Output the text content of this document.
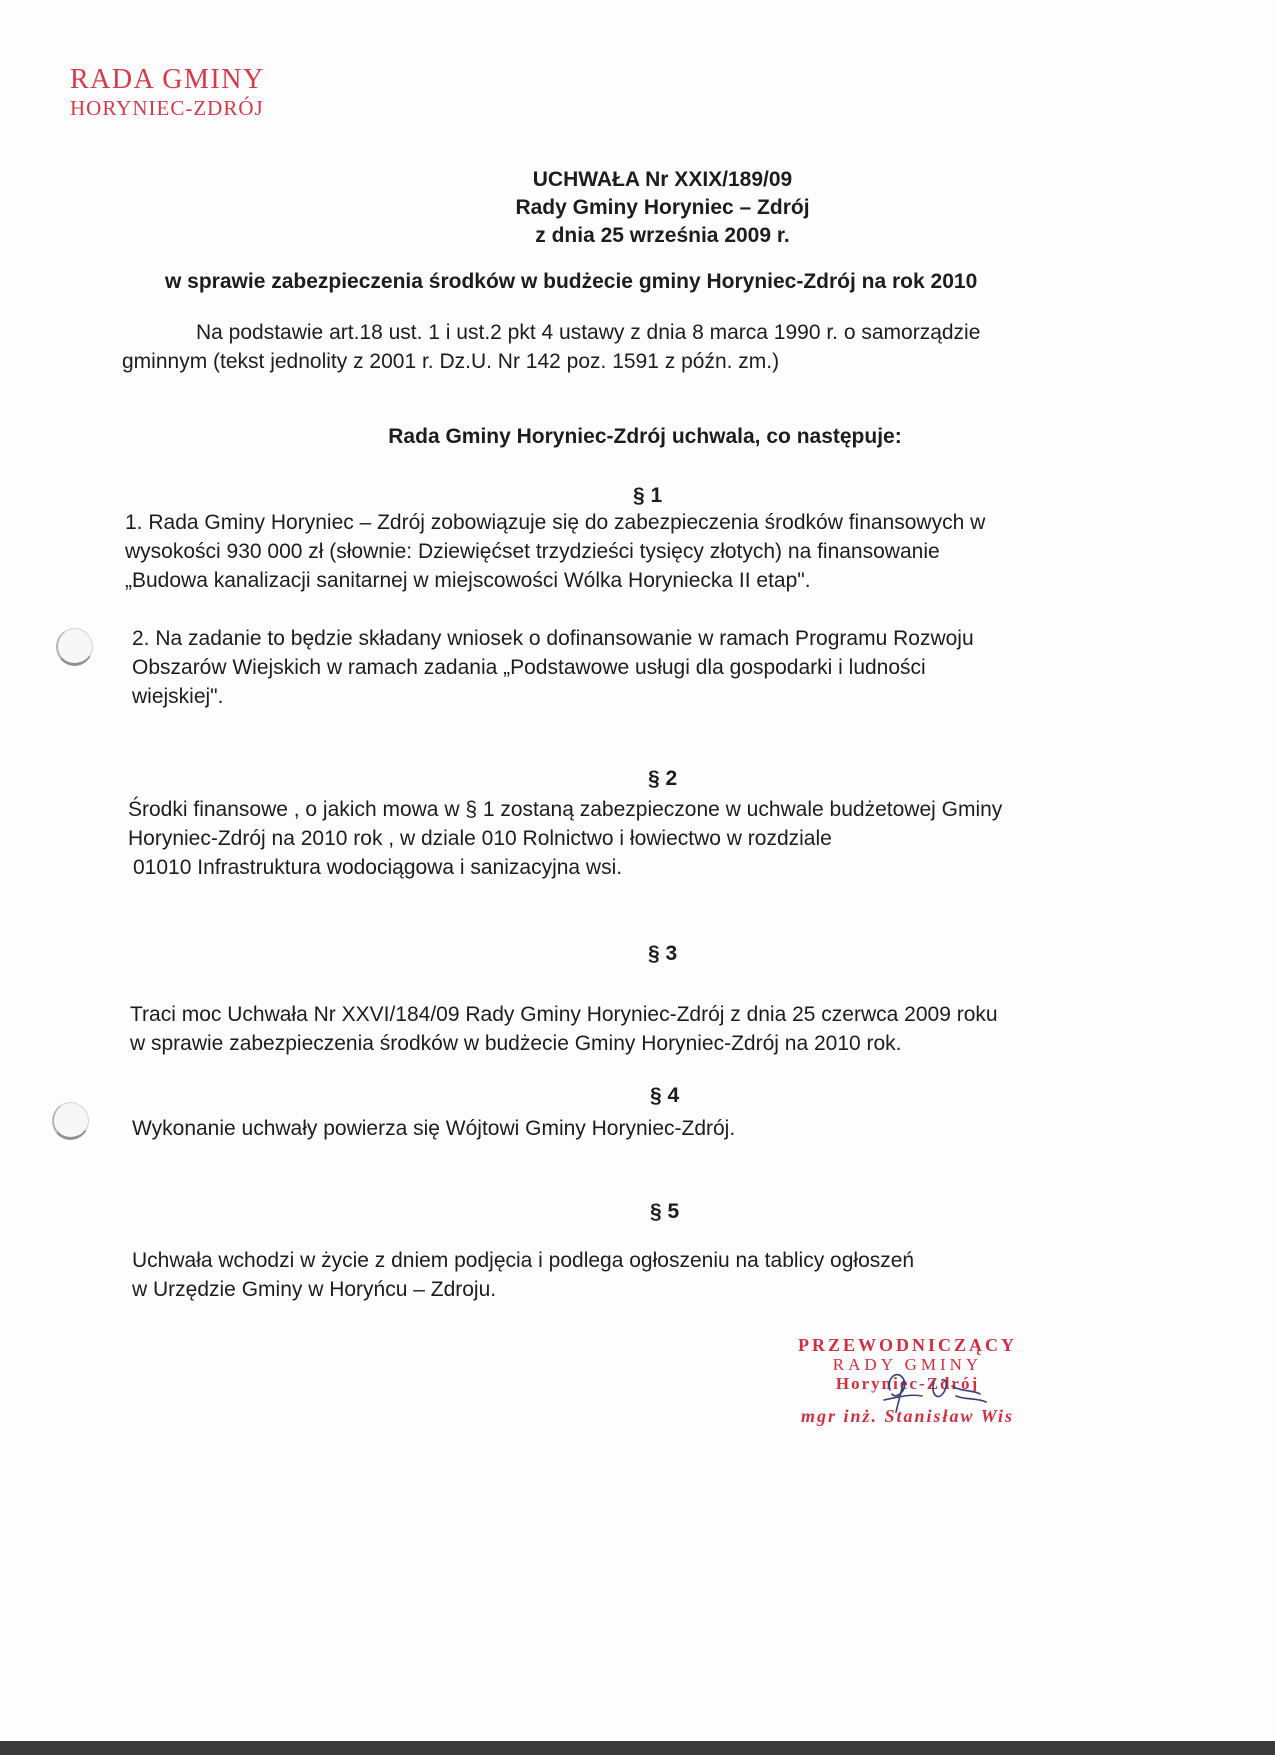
RADA GMINY
HORYNIEC-ZDRÓJ
UCHWAŁA Nr XXIX/189/09
Rady Gminy Horyniec – Zdrój
z dnia 25 września 2009 r.
w sprawie zabezpieczenia środków w budżecie gminy Horyniec-Zdrój na rok 2010
Na podstawie art.18 ust. 1 i ust.2 pkt 4 ustawy z dnia 8 marca 1990 r. o samorządzie
gminnym (tekst jednolity z 2001 r. Dz.U. Nr 142 poz. 1591 z późn. zm.)
Rada Gminy Horyniec-Zdrój uchwala, co następuje:
§ 1
1. Rada Gminy Horyniec – Zdrój zobowiązuje się do zabezpieczenia środków finansowych w
wysokości 930 000 zł (słownie: Dziewięćset trzydzieści tysięcy złotych) na finansowanie
„Budowa kanalizacji sanitarnej w miejscowości Wólka Horyniecka II etap".
2. Na zadanie to będzie składany wniosek o dofinansowanie w ramach Programu Rozwoju
Obszarów Wiejskich w ramach zadania „Podstawowe usługi dla gospodarki i ludności
wiejskiej".
§ 2
Środki finansowe , o jakich mowa w § 1 zostaną zabezpieczone w uchwale budżetowej Gminy
Horyniec-Zdrój na 2010 rok , w dziale 010 Rolnictwo i łowiectwo w rozdziale
01010 Infrastruktura wodociągowa i sanizacyjna wsi.
§ 3
Traci moc Uchwała Nr XXVI/184/09 Rady Gminy Horyniec-Zdrój z dnia 25 czerwca 2009 roku
w sprawie zabezpieczenia środków w budżecie Gminy Horyniec-Zdrój na 2010 rok.
§ 4
Wykonanie uchwały powierza się Wójtowi Gminy Horyniec-Zdrój.
§ 5
Uchwała wchodzi w życie z dniem podjęcia i podlega ogłoszeniu na tablicy ogłoszeń
w Urzędzie Gminy w Horyńcu – Zdroju.
PRZEWODNICZĄCY
RADY GMINY
Horyniec-Zdrój
mgr inż. Stanisław Wis
